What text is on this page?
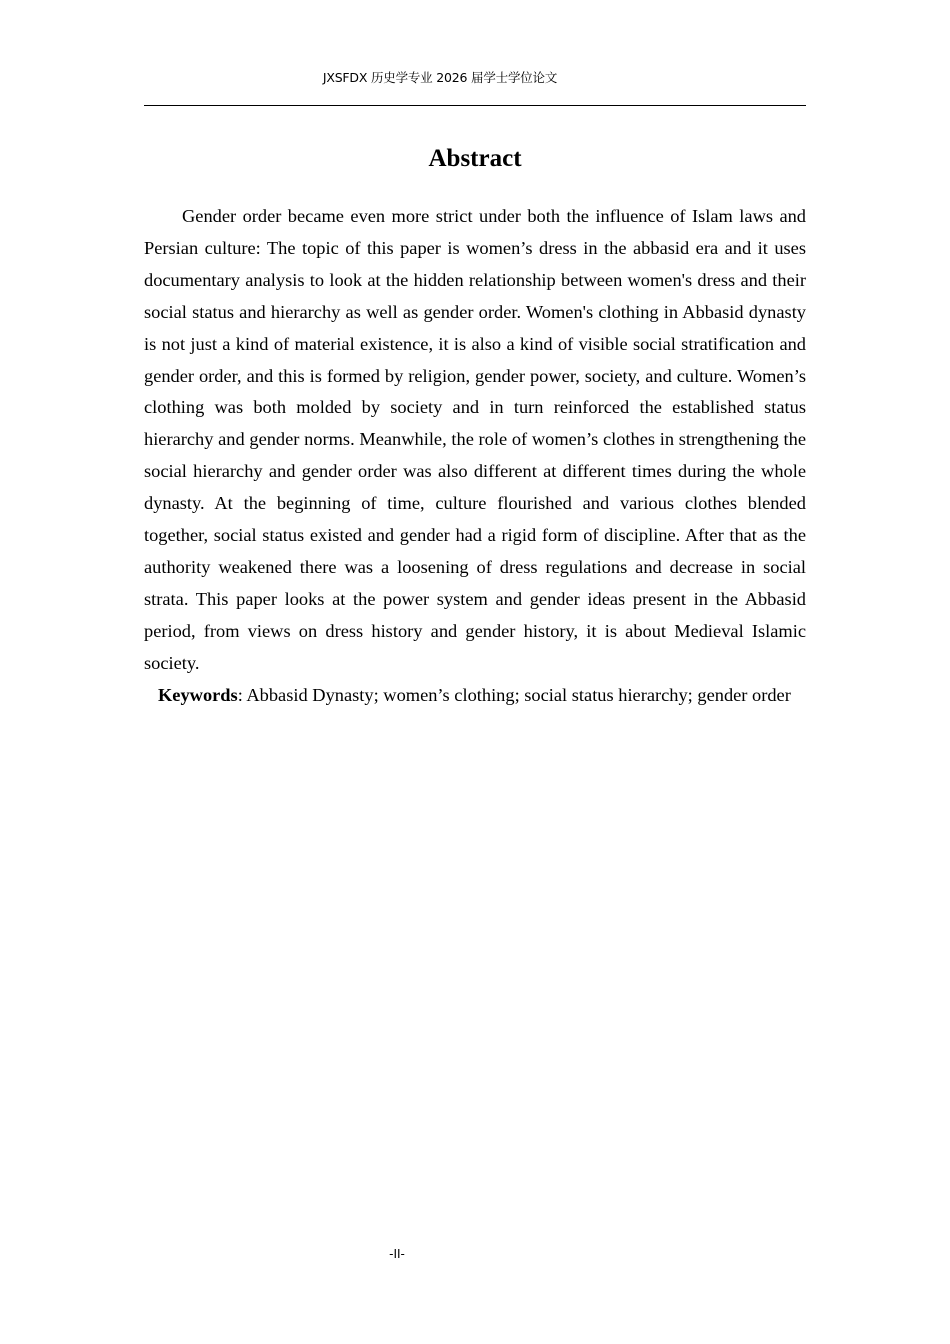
JXSFDX 历史学专业 2026 届学士学位论文
Abstract

Gender order became even more strict under both the influence of Islam laws and Persian culture: The topic of this paper is women’s dress in the abbasid era and it uses documentary analysis to look at the hidden relationship between women's dress and their social status and hierarchy as well as gender order. Women's clothing in Abbasid dynasty is not just a kind of material existence, it is also a kind of visible social stratification and gender order, and this is formed by religion, gender power, society, and culture. Women’s clothing was both molded by society and in turn reinforced the established status hierarchy and gender norms. Meanwhile, the role of women’s clothes in strengthening the social hierarchy and gender order was also different at different times during the whole dynasty. At the beginning of time, culture flourished and various clothes blended together, social status existed and gender had a rigid form of discipline. After that as the authority weakened there was a loosening of dress regulations and decrease in social strata. This paper looks at the power system and gender ideas present in the Abbasid period, from views on dress history and gender history, it is about Medieval Islamic society.

Keywords: Abbasid Dynasty; women’s clothing; social status hierarchy; gender order

-II-
